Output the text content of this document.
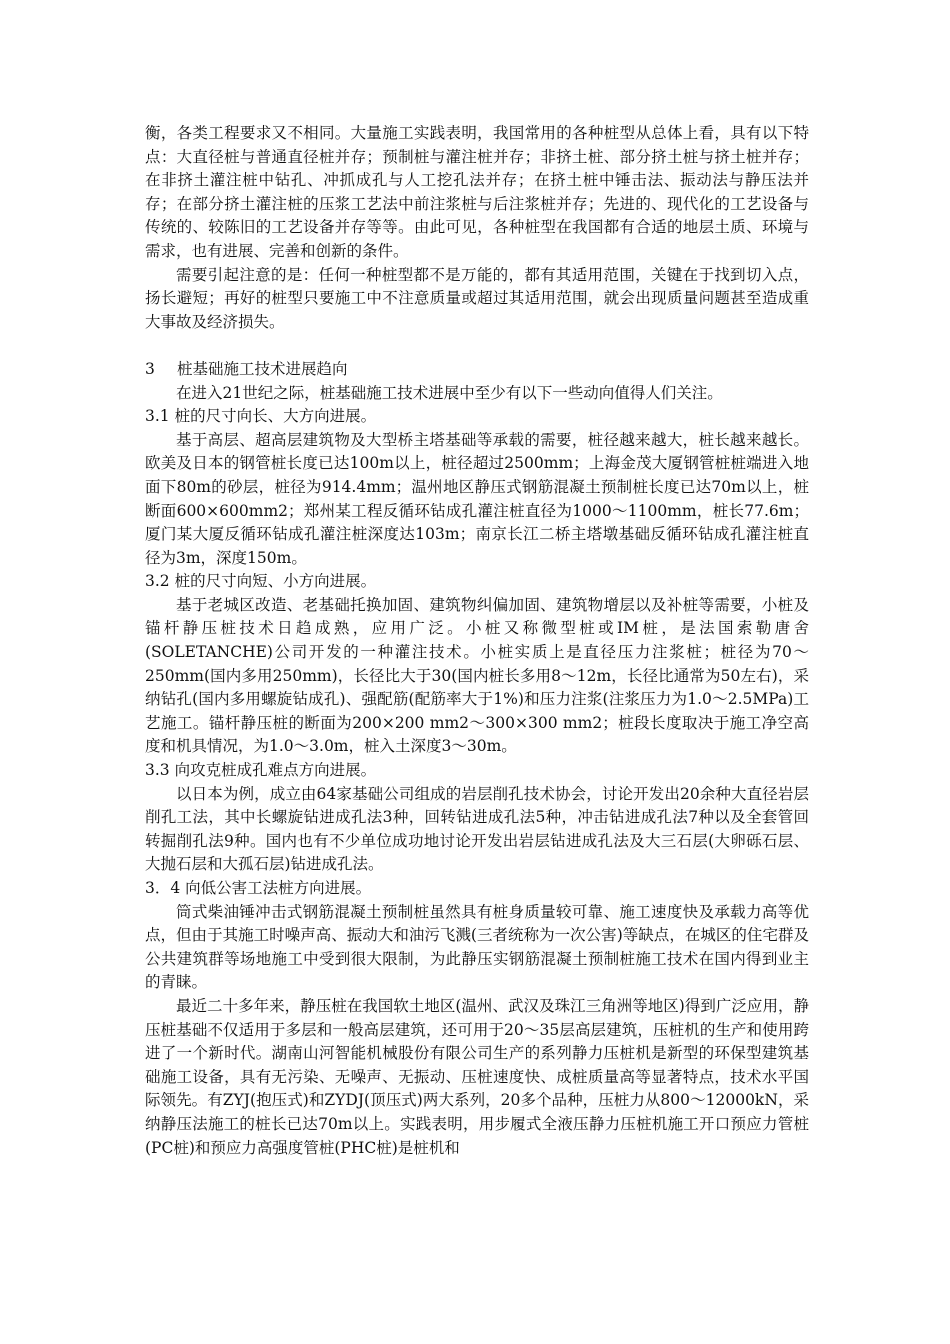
衡，各类工程要求又不相同。大量施工实践表明，我国常用的各种桩型从总体上看，具有以下特点：大直径桩与普通直径桩并存；预制桩与灌注桩并存；非挤土桩、部分挤土桩与挤土桩并存；在非挤土灌注桩中钻孔、冲抓成孔与人工挖孔法并存；在挤土桩中锤击法、振动法与静压法并存；在部分挤土灌注桩的压浆工艺法中前注浆桩与后注浆桩并存；先进的、现代化的工艺设备与传统的、较陈旧的工艺设备并存等等。由此可见，各种桩型在我国都有合适的地层土质、环境与需求，也有进展、完善和创新的条件。

需要引起注意的是：任何一种桩型都不是万能的，都有其适用范围，关键在于找到切入点，扬长避短；再好的桩型只要施工中不注意质量或超过其适用范围，就会出现质量问题甚至造成重大事故及经济损失。

3 桩基础施工技术进展趋向

在进入21世纪之际，桩基础施工技术进展中至少有以下一些动向值得人们关注。

3.1 桩的尺寸向长、大方向进展。

基于高层、超高层建筑物及大型桥主塔基础等承载的需要，桩径越来越大，桩长越来越长。欧美及日本的钢管桩长度已达100m以上，桩径超过2500mm；上海金茂大厦钢管桩桩端进入地面下80m的砂层，桩径为914.4mm；温州地区静压式钢筋混凝土预制桩长度已达70m以上，桩断面600×600mm2；郑州某工程反循环钻成孔灌注桩直径为1000～1100mm，桩长77.6m；厦门某大厦反循环钻成孔灌注桩深度达103m；南京长江二桥主塔墩基础反循环钻成孔灌注桩直径为3m，深度150m。

3.2 桩的尺寸向短、小方向进展。

基于老城区改造、老基础托换加固、建筑物纠偏加固、建筑物增层以及补桩等需要，小桩及锚杆静压桩技术日趋成熟，应用广泛。小桩又称微型桩或IM桩，是法国索勒唐舍(SOLETANCHE)公司开发的一种灌注技术。小桩实质上是直径压力注浆桩；桩径为70～250mm(国内多用250mm)，长径比大于30(国内桩长多用8～12m，长径比通常为50左右)，采纳钻孔(国内多用螺旋钻成孔)、强配筋(配筋率大于1%)和压力注浆(注浆压力为1.0～2.5MPa)工艺施工。锚杆静压桩的断面为200×200 mm2～300×300 mm2；桩段长度取决于施工净空高度和机具情况，为1.0～3.0m，桩入土深度3～30m。

3.3 向攻克桩成孔难点方向进展。

以日本为例，成立由64家基础公司组成的岩层削孔技术协会，讨论开发出20余种大直径岩层削孔工法，其中长螺旋钻进成孔法3种，回转钻进成孔法5种，冲击钻进成孔法7种以及全套管回转掘削孔法9种。国内也有不少单位成功地讨论开发出岩层钻进成孔法及大三石层(大卵砾石层、大抛石层和大孤石层)钻进成孔法。

3．4 向低公害工法桩方向进展。

筒式柴油锤冲击式钢筋混凝土预制桩虽然具有桩身质量较可靠、施工速度快及承载力高等优点，但由于其施工时噪声高、振动大和油污飞溅(三者统称为一次公害)等缺点，在城区的住宅群及公共建筑群等场地施工中受到很大限制，为此静压实钢筋混凝土预制桩施工技术在国内得到业主的青睐。

最近二十多年来，静压桩在我国软土地区(温州、武汉及珠江三角洲等地区)得到广泛应用，静压桩基础不仅适用于多层和一般高层建筑，还可用于20～35层高层建筑，压桩机的生产和使用跨进了一个新时代。湖南山河智能机械股份有限公司生产的系列静力压桩机是新型的环保型建筑基础施工设备，具有无污染、无噪声、无振动、压桩速度快、成桩质量高等显著特点，技术水平国际领先。有ZYJ(抱压式)和ZYDJ(顶压式)两大系列，20多个品种，压桩力从800～12000kN，采纳静压法施工的桩长已达70m以上。实践表明，用步履式全液压静力压桩机施工开口预应力管桩(PC桩)和预应力高强度管桩(PHC桩)是桩机和
